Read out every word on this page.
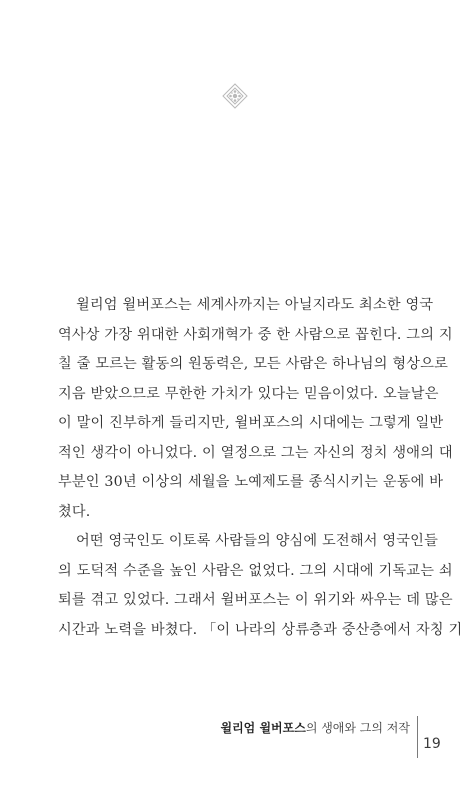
윌리엄 윌버포스는 세계사까지는 아닐지라도 최소한 영국
역사상 가장 위대한 사회개혁가 중 한 사람으로 꼽힌다. 그의 지
칠 줄 모르는 활동의 원동력은, 모든 사람은 하나님의 형상으로
지음 받았으므로 무한한 가치가 있다는 믿음이었다. 오늘날은
이 말이 진부하게 들리지만, 윌버포스의 시대에는 그렇게 일반
적인 생각이 아니었다. 이 열정으로 그는 자신의 정치 생애의 대
부분인 30년 이상의 세월을 노예제도를 종식시키는 운동에 바
쳤다.
어떤 영국인도 이토록 사람들의 양심에 도전해서 영국인들
의 도덕적 수준을 높인 사람은 없었다. 그의 시대에 기독교는 쇠
퇴를 겪고 있었다. 그래서 윌버포스는 이 위기와 싸우는 데 많은
시간과 노력을 바쳤다. 「이 나라의 상류층과 중산층에서 자칭 기
윌리엄 윌버포스의 생애와 그의 저작
19
